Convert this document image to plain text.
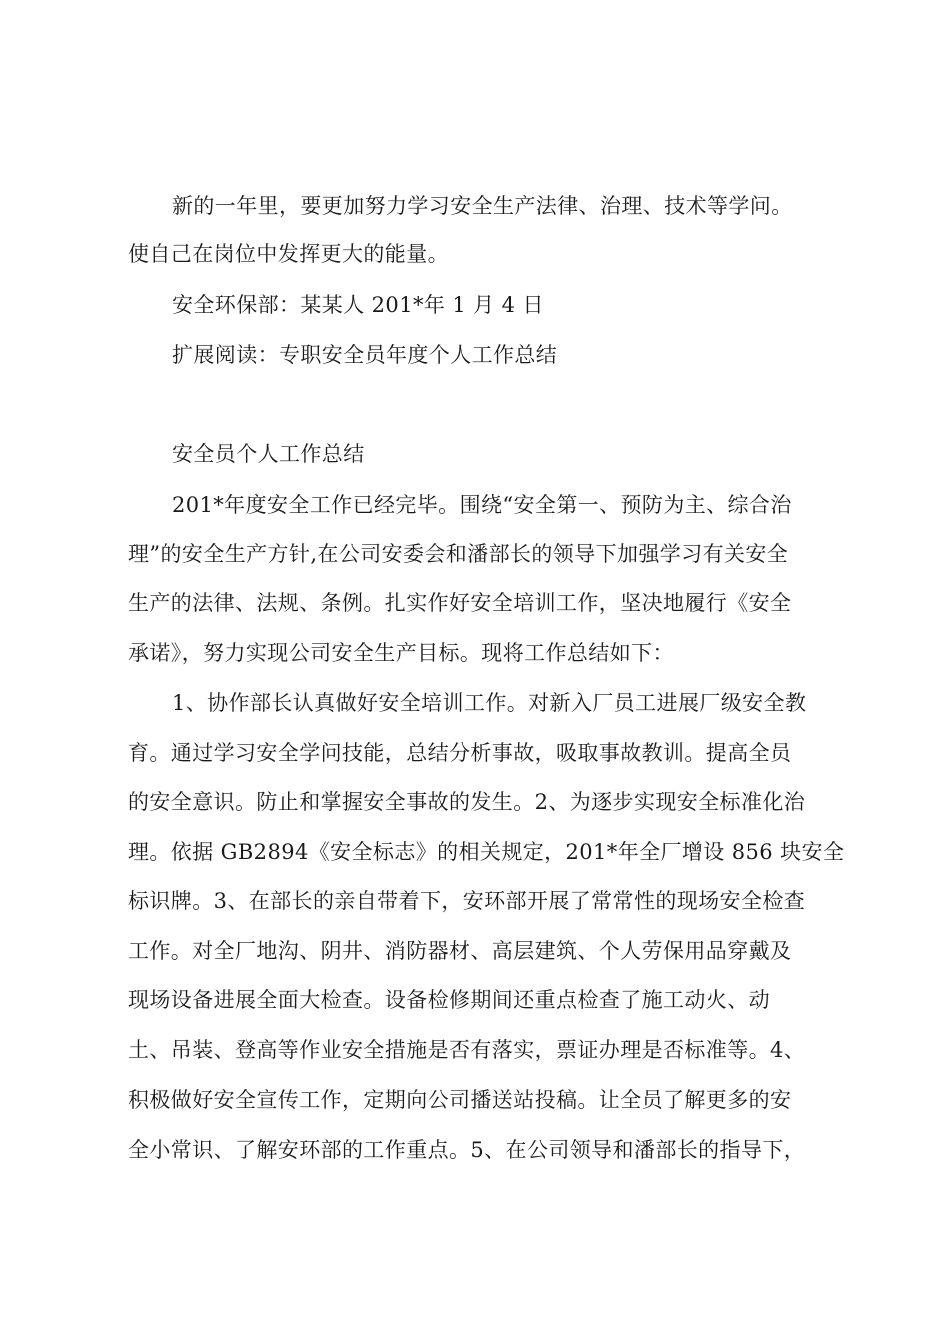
新的一年里，要更加努力学习安全生产法律、治理、技术等学问。
使自己在岗位中发挥更大的能量。
安全环保部：某某人 201*年 1 月 4 日
扩展阅读：专职安全员年度个人工作总结
安全员个人工作总结
201*年度安全工作已经完毕。围绕“安全第一、预防为主、综合治
理”的安全生产方针,在公司安委会和潘部长的领导下加强学习有关安全
生产的法律、法规、条例。扎实作好安全培训工作，坚决地履行《安全
承诺》，努力实现公司安全生产目标。现将工作总结如下：
1、协作部长认真做好安全培训工作。对新入厂员工进展厂级安全教
育。通过学习安全学问技能，总结分析事故，吸取事故教训。提高全员
的安全意识。防止和掌握安全事故的发生。2、为逐步实现安全标准化治
理。依据 GB2894《安全标志》的相关规定，201*年全厂增设 856 块安全
标识牌。3、在部长的亲自带着下，安环部开展了常常性的现场安全检查
工作。对全厂地沟、阴井、消防器材、高层建筑、个人劳保用品穿戴及
现场设备进展全面大检查。设备检修期间还重点检查了施工动火、动
土、吊装、登高等作业安全措施是否有落实，票证办理是否标准等。4、
积极做好安全宣传工作，定期向公司播送站投稿。让全员了解更多的安
全小常识、了解安环部的工作重点。5、在公司领导和潘部长的指导下，
